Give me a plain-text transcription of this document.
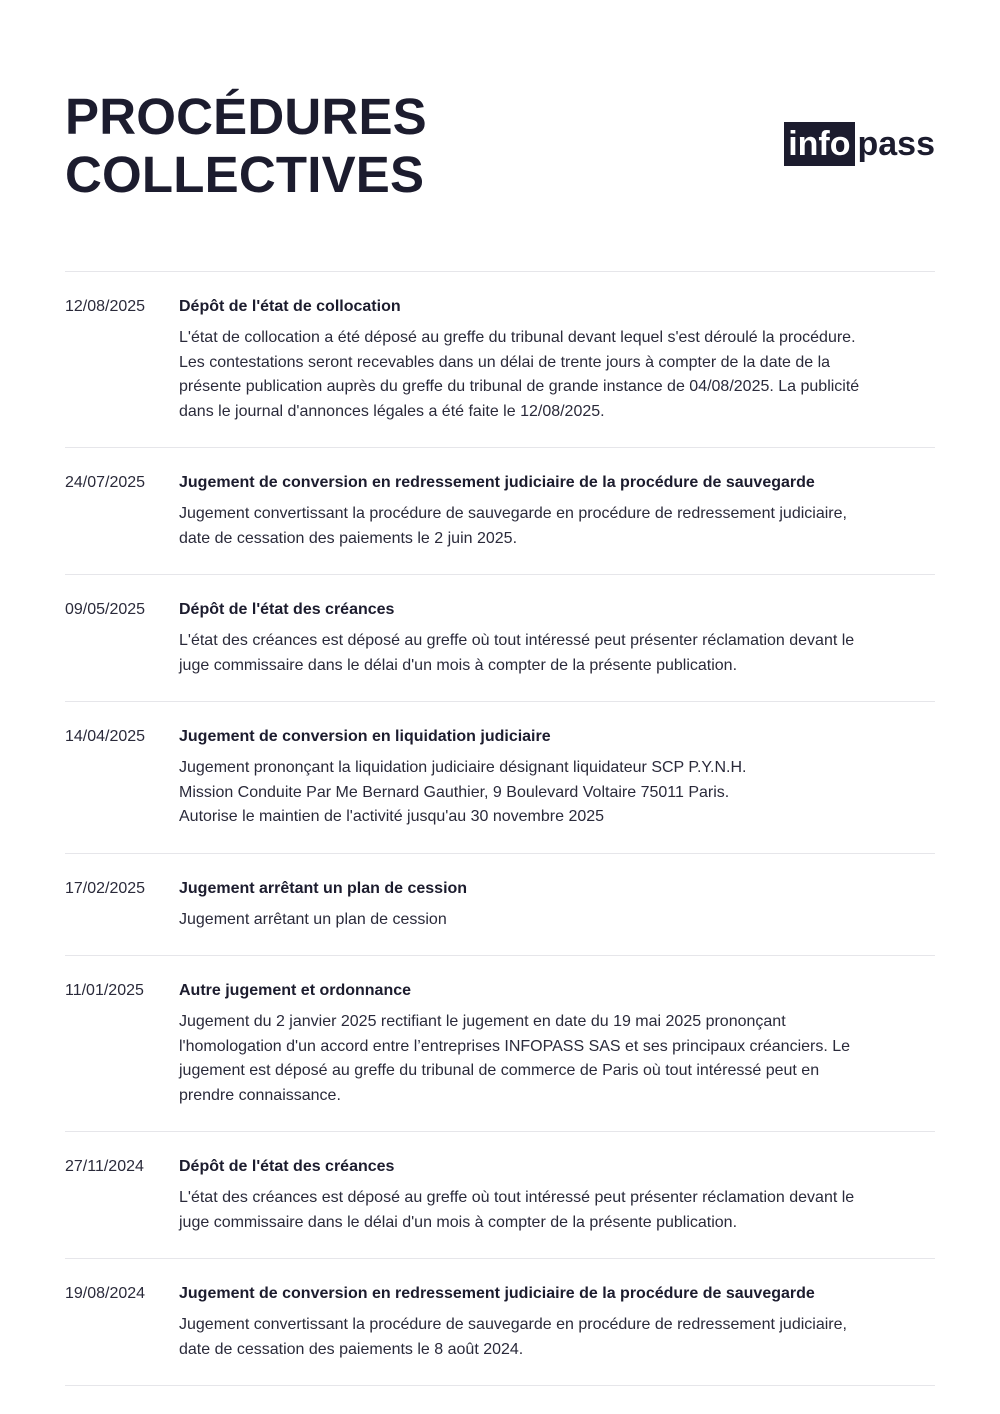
PROCÉDURES
COLLECTIVES
info pass
12/08/2025	Dépôt de l'état de collocation
L'état de collocation a été déposé au greffe du tribunal devant lequel s'est déroulé la procédure.
Les contestations seront recevables dans un délai de trente jours à compter de la date de la
présente publication auprès du greffe du tribunal de grande instance de 04/08/2025. La publicité
dans le journal d'annonces légales a été faite le 12/08/2025.
24/07/2025	Jugement de conversion en redressement judiciaire de la procédure de sauvegarde
Jugement convertissant la procédure de sauvegarde en procédure de redressement judiciaire,
date de cessation des paiements le 2 juin 2025.
09/05/2025	Dépôt de l'état des créances
L'état des créances est déposé au greffe où tout intéressé peut présenter réclamation devant le
juge commissaire dans le délai d'un mois à compter de la présente publication.
14/04/2025	Jugement de conversion en liquidation judiciaire
Jugement prononçant la liquidation judiciaire désignant liquidateur SCP P.Y.N.H.
Mission Conduite Par Me Bernard Gauthier, 9 Boulevard Voltaire 75011 Paris.
Autorise le maintien de l'activité jusqu'au 30 novembre 2025
17/02/2025	Jugement arrêtant un plan de cession
Jugement arrêtant un plan de cession
11/01/2025	Autre jugement et ordonnance
Jugement du 2 janvier 2025 rectifiant le jugement en date du 19 mai 2025 prononçant
l'homologation d'un accord entre l’entreprises INFOPASS SAS et ses principaux créanciers. Le
jugement est déposé au greffe du tribunal de commerce de Paris où tout intéressé peut en
prendre connaissance.
27/11/2024	Dépôt de l'état des créances
L'état des créances est déposé au greffe où tout intéressé peut présenter réclamation devant le
juge commissaire dans le délai d'un mois à compter de la présente publication.
19/08/2024	Jugement de conversion en redressement judiciaire de la procédure de sauvegarde
Jugement convertissant la procédure de sauvegarde en procédure de redressement judiciaire,
date de cessation des paiements le 8 août 2024.
